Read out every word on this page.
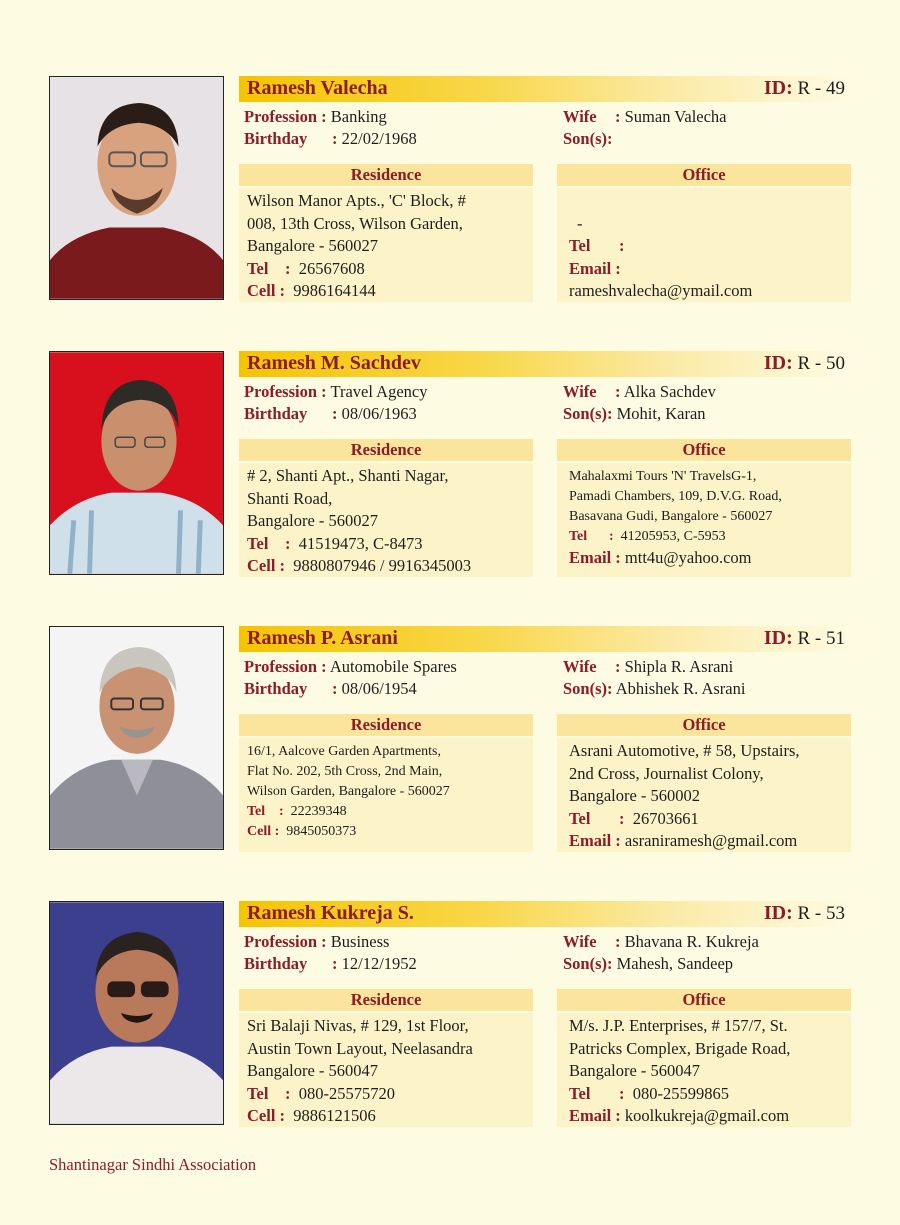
Ramesh Valecha	ID: R - 49
Profession : Banking
Birthday : 22/02/1968
Wife : Suman Valecha
Son(s):
Residence
Wilson Manor Apts., 'C' Block, #
008, 13th Cross, Wilson Garden,
Bangalore - 560027
Tel : 26567608
Cell : 9986164144
Office

-
Tel :
Email :
rameshvalecha@ymail.com
Ramesh M. Sachdev	ID: R - 50
Profession : Travel Agency
Birthday : 08/06/1963
Wife : Alka Sachdev
Son(s): Mohit, Karan
Residence
# 2, Shanti Apt., Shanti Nagar,
Shanti Road,
Bangalore - 560027
Tel : 41519473, C-8473
Cell : 9880807946 / 9916345003
Office
Mahalaxmi Tours 'N' TravelsG-1,
Pamadi Chambers, 109, D.V.G. Road,
Basavana Gudi, Bangalore - 560027
Tel : 41205953, C-5953
Email : mtt4u@yahoo.com
Ramesh P. Asrani	ID: R - 51
Profession : Automobile Spares
Birthday : 08/06/1954
Wife : Shipla R. Asrani
Son(s): Abhishek R. Asrani
Residence
16/1, Aalcove Garden Apartments,
Flat No. 202, 5th Cross, 2nd Main,
Wilson Garden, Bangalore - 560027
Tel : 22239348
Cell : 9845050373
Office
Asrani Automotive, # 58, Upstairs,
2nd Cross, Journalist Colony,
Bangalore - 560002
Tel : 26703661
Email : asraniramesh@gmail.com
Ramesh Kukreja S.	ID: R - 53
Profession : Business
Birthday : 12/12/1952
Wife : Bhavana R. Kukreja
Son(s): Mahesh, Sandeep
Residence
Sri Balaji Nivas, # 129, 1st Floor,
Austin Town Layout, Neelasandra
Bangalore - 560047
Tel : 080-25575720
Cell : 9886121506
Office
M/s. J.P. Enterprises, # 157/7, St.
Patricks Complex, Brigade Road,
Bangalore - 560047
Tel : 080-25599865
Email : koolkukreja@gmail.com
Shantinagar Sindhi Association
